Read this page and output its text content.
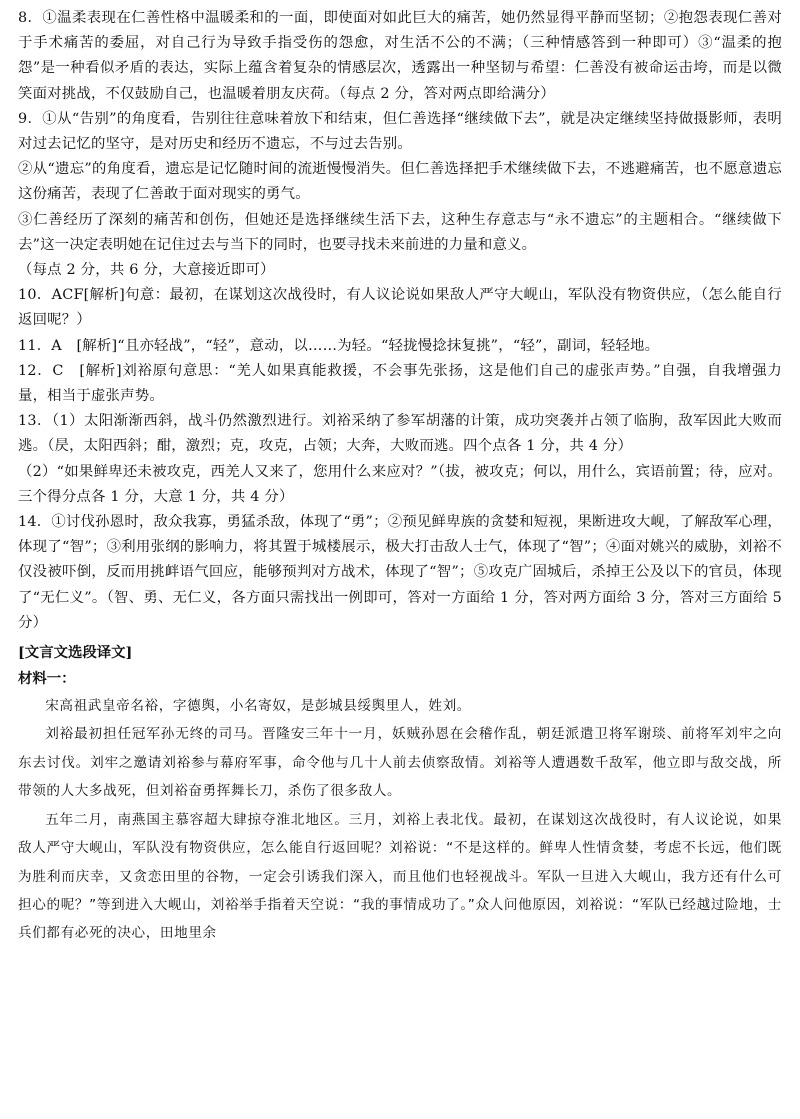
8．①温柔表现在仁善性格中温暖柔和的一面，即使面对如此巨大的痛苦，她仍然显得平静而坚韧；②抱怨表现仁善对于手术痛苦的委屈，对自己行为导致手指受伤的怨愈，对生活不公的不满；（三种情感答到一种即可）③“温柔的抱怨”是一种看似矛盾的表达，实际上蕴含着复杂的情感层次，透露出一种坚韧与希望：仁善没有被命运击垮，而是以微笑面对挑战，不仅鼓励自己，也温暖着朋友庆荷。（每点 2 分，答对两点即给满分）

9．①从“告别”的角度看，告别往往意味着放下和结束，但仁善选择“继续做下去”，就是决定继续坚持做摄影师，表明对过去记忆的坚守，是对历史和经历不遗忘，不与过去告别。

②从“遗忘”的角度看，遗忘是记忆随时间的流逝慢慢消失。但仁善选择把手术继续做下去，不逃避痛苦，也不愿意遗忘这份痛苦，表现了仁善敢于面对现实的勇气。

③仁善经历了深刻的痛苦和创伤，但她还是选择继续生活下去，这种生存意志与“永不遗忘”的主题相合。“继续做下去”这一决定表明她在记住过去与当下的同时，也要寻找未来前进的力量和意义。

（每点 2 分，共 6 分，大意接近即可）

10．ACF[解析]句意：最初，在谋划这次战役时，有人议论说如果敌人严守大岘山，军队没有物资供应，（怎么能自行返回呢？）

11．A　[解析]“且亦轻战”，“轻”，意动，以……为轻。“轻拢慢捻抹复挑”，“轻”，副词，轻轻地。

12．C　[解析]刘裕原句意思：“羌人如果真能救援，不会事先张扬，这是他们自己的虚张声势。”自强，自我增强力量，相当于虚张声势。

13．（1）太阳渐渐西斜，战斗仍然激烈进行。刘裕采纳了参军胡藩的计策，成功突袭并占领了临朐，敌军因此大败而逃。（昃，太阳西斜；酣，激烈；克，攻克，占领；大奔，大败而逃。四个点各 1 分，共 4 分）

（2）“如果鲜卑还未被攻克，西羌人又来了，您用什么来应对？”（拔，被攻克；何以，用什么，宾语前置；待，应对。三个得分点各 1 分，大意 1 分，共 4 分）

14．①讨伐孙恩时，敌众我寡，勇猛杀敌，体现了“勇”；②预见鲜卑族的贪婪和短视，果断进攻大岘，了解敌军心理，体现了“智”；③利用张纲的影响力，将其置于城楼展示，极大打击敌人士气，体现了“智”；④面对姚兴的威胁，刘裕不仅没被吓倒，反而用挑衅语气回应，能够预判对方战术，体现了“智”；⑤攻克广固城后，杀掉王公及以下的官员，体现了“无仁义”。（智、勇、无仁义，各方面只需找出一例即可，答对一方面给 1 分，答对两方面给 3 分，答对三方面给 5 分）

[文言文选段译文]
材料一：

宋高祖武皇帝名裕，字德舆，小名寄奴，是彭城县绥舆里人，姓刘。

刘裕最初担任冠军孙无终的司马。晋隆安三年十一月，妖贼孙恩在会稽作乱，朝廷派遣卫将军谢琰、前将军刘牢之向东去讨伐。刘牢之邀请刘裕参与幕府军事，命令他与几十人前去侦察敌情。刘裕等人遭遇数千敌军，他立即与敌交战，所带领的人大多战死，但刘裕奋勇挥舞长刀，杀伤了很多敌人。

五年二月，南燕国主慕容超大肆掠夺淮北地区。三月，刘裕上表北伐。最初，在谋划这次战役时，有人议论说，如果敌人严守大岘山，军队没有物资供应，怎么能自行返回呢？刘裕说：“不是这样的。鲜卑人性情贪婪，考虑不长远，他们既为胜利而庆幸，又贪恋田里的谷物，一定会引诱我们深入，而且他们也轻视战斗。军队一旦进入大岘山，我方还有什么可担心的呢？”等到进入大岘山，刘裕举手指着天空说：“我的事情成功了。”众人问他原因，刘裕说：“军队已经越过险地，士兵们都有必死的决心，田地里余
